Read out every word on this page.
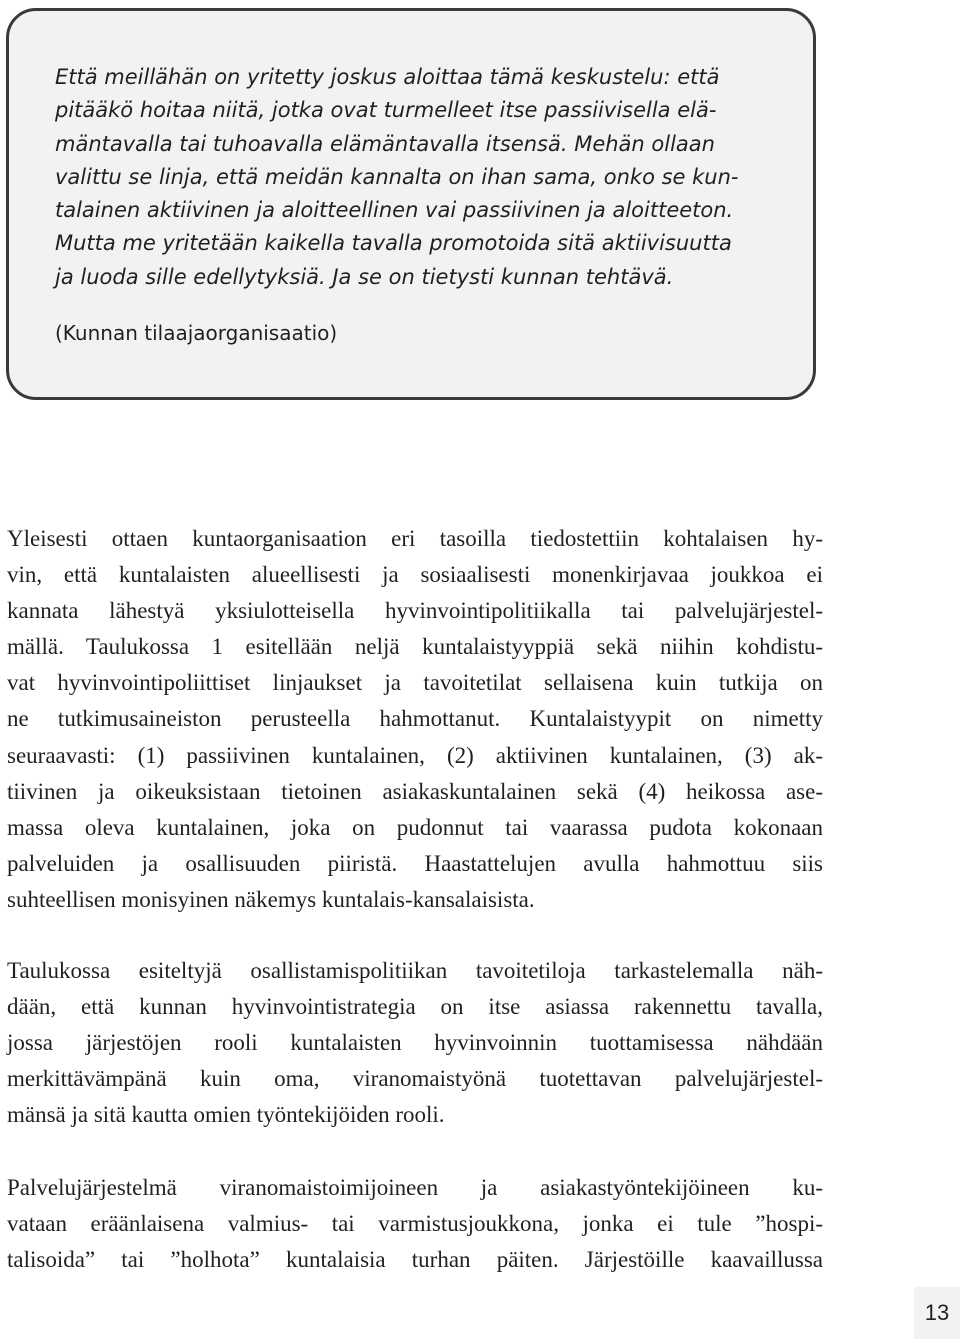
Että meillähän on yritetty joskus aloittaa tämä keskustelu: että
pitääkö hoitaa niitä, jotka ovat turmelleet itse passiivisella elä-
mäntavalla tai tuhoavalla elämäntavalla itsensä. Mehän ollaan
valittu se linja, että meidän kannalta on ihan sama, onko se kun-
talainen aktiivinen ja aloitteellinen vai passiivinen ja aloitteeton.
Mutta me yritetään kaikella tavalla promotoida sitä aktiivisuutta
ja luoda sille edellytyksiä. Ja se on tietysti kunnan tehtävä.

(Kunnan tilaajaorganisaatio)

Yleisesti ottaen kuntaorganisaation eri tasoilla tiedostettiin kohtalaisen hy-
vin, että kuntalaisten alueellisesti ja sosiaalisesti monenkirjavaa joukkoa ei
kannata lähestyä yksiulotteisella hyvinvointipolitiikalla tai palvelujärjestel-
mällä. Taulukossa 1 esitellään neljä kuntalaistyyppiä sekä niihin kohdistu-
vat hyvinvointipoliittiset linjaukset ja tavoitetilat sellaisena kuin tutkija on
ne tutkimusaineiston perusteella hahmottanut. Kuntalaistyypit on nimetty
seuraavasti: (1) passiivinen kuntalainen, (2) aktiivinen kuntalainen, (3) ak-
tiivinen ja oikeuksistaan tietoinen asiakaskuntalainen sekä (4) heikossa ase-
massa oleva kuntalainen, joka on pudonnut tai vaarassa pudota kokonaan
palveluiden ja osallisuuden piiristä. Haastattelujen avulla hahmottuu siis
suhteellisen monisyinen näkemys kuntalais-kansalaisista.

Taulukossa esiteltyjä osallistamispolitiikan tavoitetiloja tarkastelemalla näh-
dään, että kunnan hyvinvointistrategia on itse asiassa rakennettu tavalla,
jossa järjestöjen rooli kuntalaisten hyvinvoinnin tuottamisessa nähdään
merkittävämpänä kuin oma, viranomaistyönä tuotettavan palvelujärjestel-
mänsä ja sitä kautta omien työntekijöiden rooli.

Palvelujärjestelmä viranomaistoimijoineen ja asiakastyöntekijöineen ku-
vataan eräänlaisena valmius- tai varmistusjoukkona, jonka ei tule ”hospi-
talisoida” tai ”holhota” kuntalaisia turhan päiten. Järjestöille kaavaillussa

13
